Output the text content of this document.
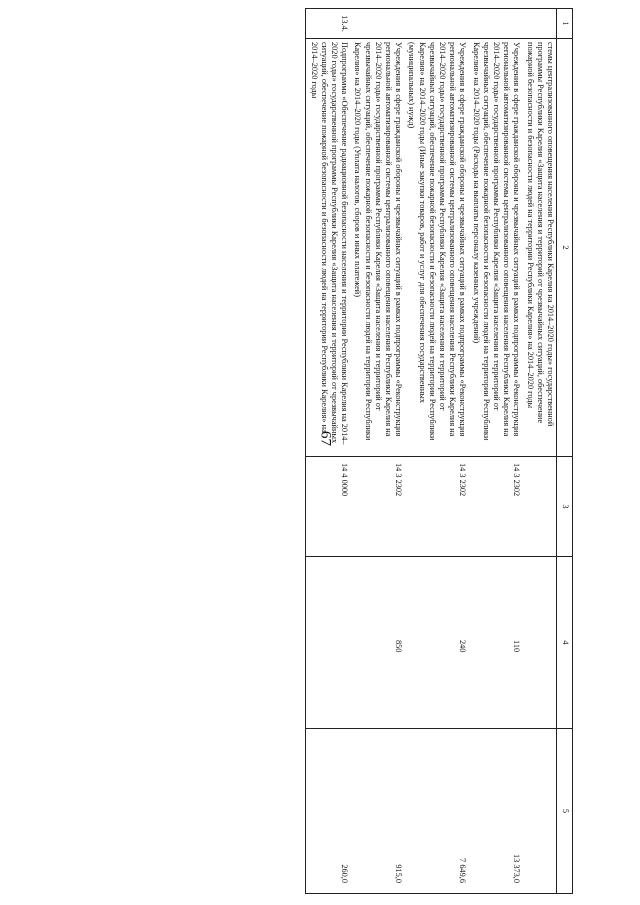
67
1	2	3	4	5
	стемы централизованного оповещения населения Республики Карелия на 2014–2020 годы» государственной программы Республики Карелия «Защита населения и территорий от чрезвычайных ситуаций, обеспечение пожарной безопасности и безопасности людей на территории Республики Карелия» на 2014–2020 годы			
	Учреждения в сфере гражданской обороны и чрезвычайных ситуаций в рамках подпрограммы «Реконструкция региональной автоматизированной системы централизованного оповещения населения Республики Карелия на 2014–2020 годы» государственной программы Республики Карелия «Защита населения и территорий от чрезвычайных ситуаций, обеспечение пожарной безопасности и безопасности людей на территории Республики Карелия» на 2014–2020 годы (Расходы на выплаты персоналу казенных учреждений)	14 3 2302	110	13 373,0
	Учреждения в сфере гражданской обороны и чрезвычайных ситуаций в рамках подпрограммы «Реконструкция региональной автоматизированной системы централизованного оповещения населения Республики Карелия на 2014–2020 годы» государственной программы Республики Карелия «Защита населения и территорий от чрезвычайных ситуаций, обеспечение пожарной безопасности и безопасности людей на территории Республики Карелия» на 2014–2020 годы (Иные закупки товаров, работ и услуг для обеспечения государственных (муниципальных) нужд)	14 3 2302	240	7 649,6
	Учреждения в сфере гражданской обороны и чрезвычайных ситуаций в рамках подпрограммы «Реконструкция региональной автоматизированной системы централизованного оповещения населения Республики Карелия на 2014–2020 годы» государственной программы Республики Карелия «Защита населения и территорий от чрезвычайных ситуаций, обеспечение пожарной безопасности и безопасности людей на территории Республики Карелия» на 2014–2020 годы (Уплата налогов, сборов и иных платежей)	14 3 2302	850	915,0
13.4.	Подпрограмма «Обеспечение радиационной безопасности населения и территории Республики Карелия на 2014–2020 годы» государственной программы Республики Карелия «Защита населения и территорий от чрезвычайных ситуаций, обеспечение пожарной безопасности и безопасности людей на территории Республики Карелия» на 2014–2020 годы	14 4 0000		260,0
